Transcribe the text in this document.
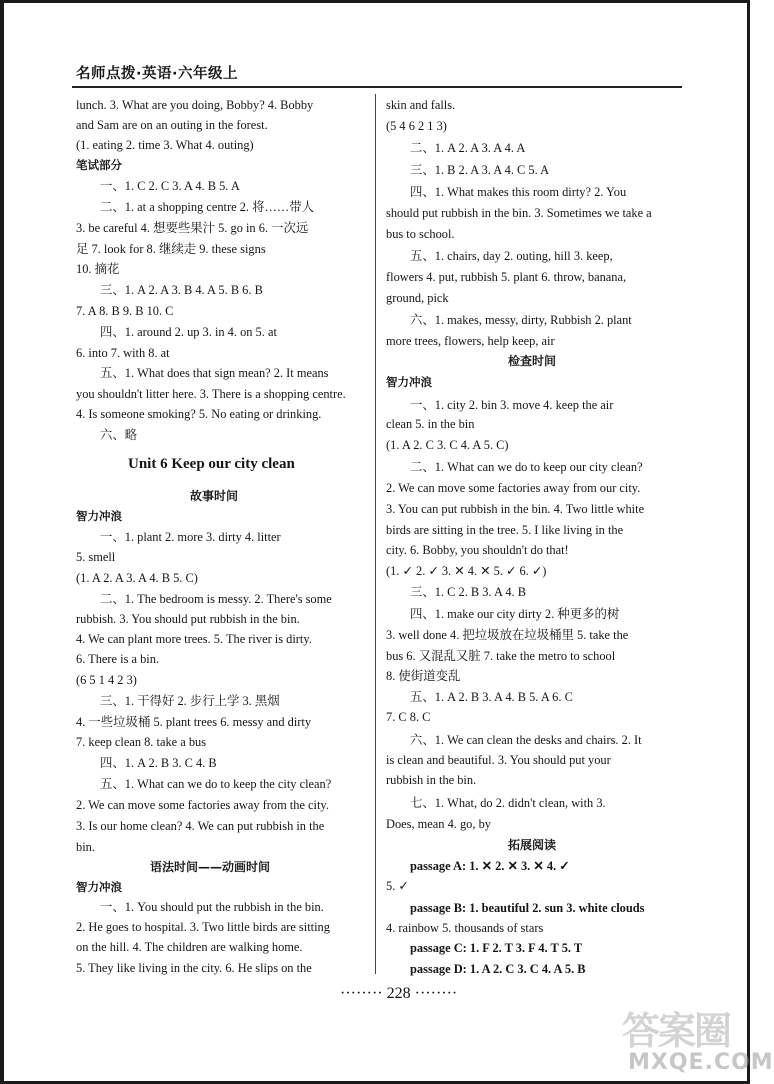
名师点拨·英语·六年级上
lunch. 3. What are you doing, Bobby? 4. Bobby
and Sam are on an outing in the forest.
(1. eating 2. time 3. What 4. outing)
笔试部分
一、1. C 2. C 3. A 4. B 5. A
二、1. at a shopping centre 2. 将……带人
3. be careful 4. 想要些果汁 5. go in 6. 一次远
足 7. look for 8. 继续走 9. these signs
10. 摘花
三、1. A 2. A 3. B 4. A 5. B 6. B
7. A 8. B 9. B 10. C
四、1. around 2. up 3. in 4. on 5. at
6. into 7. with 8. at
五、1. What does that sign mean? 2. It means
you shouldn't litter here. 3. There is a shopping centre.
4. Is someone smoking? 5. No eating or drinking.
六、略
Unit 6 Keep our city clean
故事时间
智力冲浪
一、1. plant 2. more 3. dirty 4. litter
5. smell
(1. A 2. A 3. A 4. B 5. C)
二、1. The bedroom is messy. 2. There's some
rubbish. 3. You should put rubbish in the bin.
4. We can plant more trees. 5. The river is dirty.
6. There is a bin.
(6 5 1 4 2 3)
三、1. 干得好 2. 步行上学 3. 黑烟
4. 一些垃圾桶 5. plant trees 6. messy and dirty
7. keep clean 8. take a bus
四、1. A 2. B 3. C 4. B
五、1. What can we do to keep the city clean?
2. We can move some factories away from the city.
3. Is our home clean? 4. We can put rubbish in the
bin.
语法时间——动画时间
智力冲浪
一、1. You should put the rubbish in the bin.
2. He goes to hospital. 3. Two little birds are sitting
on the hill. 4. The children are walking home.
5. They like living in the city. 6. He slips on the
skin and falls.
(5 4 6 2 1 3)
二、1. A 2. A 3. A 4. A
三、1. B 2. A 3. A 4. C 5. A
四、1. What makes this room dirty? 2. You
should put rubbish in the bin. 3. Sometimes we take a
bus to school.
五、1. chairs, day 2. outing, hill 3. keep,
flowers 4. put, rubbish 5. plant 6. throw, banana,
ground, pick
六、1. makes, messy, dirty, Rubbish 2. plant
more trees, flowers, help keep, air
检查时间
智力冲浪
一、1. city 2. bin 3. move 4. keep the air
clean 5. in the bin
(1. A 2. C 3. C 4. A 5. C)
二、1. What can we do to keep our city clean?
2. We can move some factories away from our city.
3. You can put rubbish in the bin. 4. Two little white
birds are sitting in the tree. 5. I like living in the
city. 6. Bobby, you shouldn't do that!
(1. ✓ 2. ✓ 3. ✕ 4. ✕ 5. ✓ 6. ✓)
三、1. C 2. B 3. A 4. B
四、1. make our city dirty 2. 种更多的树
3. well done 4. 把垃圾放在垃圾桶里 5. take the
bus 6. 又混乱又脏 7. take the metro to school
8. 使街道变乱
五、1. A 2. B 3. A 4. B 5. A 6. C
7. C 8. C
六、1. We can clean the desks and chairs. 2. It
is clean and beautiful. 3. You should put your
rubbish in the bin.
七、1. What, do 2. didn't clean, with 3.
Does, mean 4. go, by
拓展阅读
passage A: 1. ✕ 2. ✕ 3. ✕ 4. ✓
5. ✓
passage B: 1. beautiful 2. sun 3. white clouds
4. rainbow 5. thousands of stars
passage C: 1. F 2. T 3. F 4. T 5. T
passage D: 1. A 2. C 3. C 4. A 5. B
········ 228 ········
答案圈
MXQE.COM
